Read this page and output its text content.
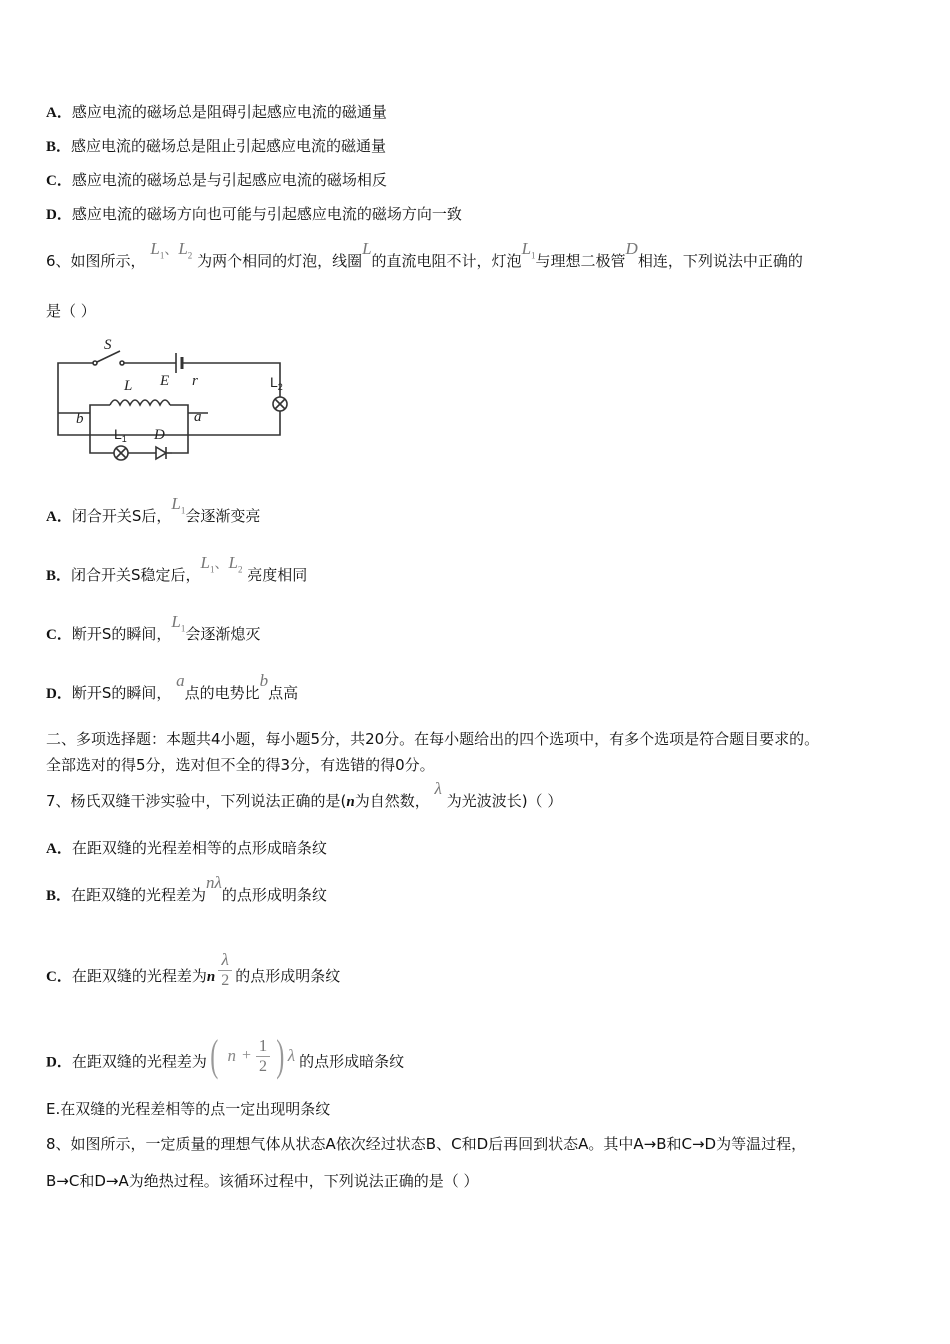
A．感应电流的磁场总是阻碍引起感应电流的磁通量
B．感应电流的磁场总是阻止引起感应电流的磁通量
C．感应电流的磁场总是与引起感应电流的磁场相反
D．感应电流的磁场方向也可能与引起感应电流的磁场方向一致
6、如图所示， $L_1$、$L_2$ 为两个相同的灯泡，线圈L的直流电阻不计，灯泡$L_1$与理想二极管D相连，下列说法中正确的
是（ ）
S
E r
L
b	a
D
$L_1$
$L_2$
A．闭合开关S后，$L_1$会逐渐变亮
B．闭合开关S稳定后，$L_1$、$L_2$ 亮度相同
C．断开S的瞬间，$L_1$会逐渐熄灭
D．断开S的瞬间， a点的电势比b点高
二、多项选择题：本题共4小题，每小题5分，共20分。在每小题给出的四个选项中，有多个选项是符合题目要求的。
全部选对的得5分，选对但不全的得3分，有选错的得0分。
7、杨氏双缝干涉实验中，下列说法正确的是(n为自然数， λ 为光波波长)（ ）
A．在距双缝的光程差相等的点形成暗条纹
B．在距双缝的光程差为nλ的点形成明条纹
C．在距双缝的光程差为n $\frac{\lambda}{2}$ 的点形成明条纹
D．在距双缝的光程差为 ( $n + \frac{1}{2}$ ) λ 的点形成暗条纹
E.在双缝的光程差相等的点一定出现明条纹
8、如图所示，一定质量的理想气体从状态A依次经过状态B、C和D后再回到状态A。其中A→B和C→D为等温过程，
B→C和D→A为绝热过程。该循环过程中，下列说法正确的是（ ）
